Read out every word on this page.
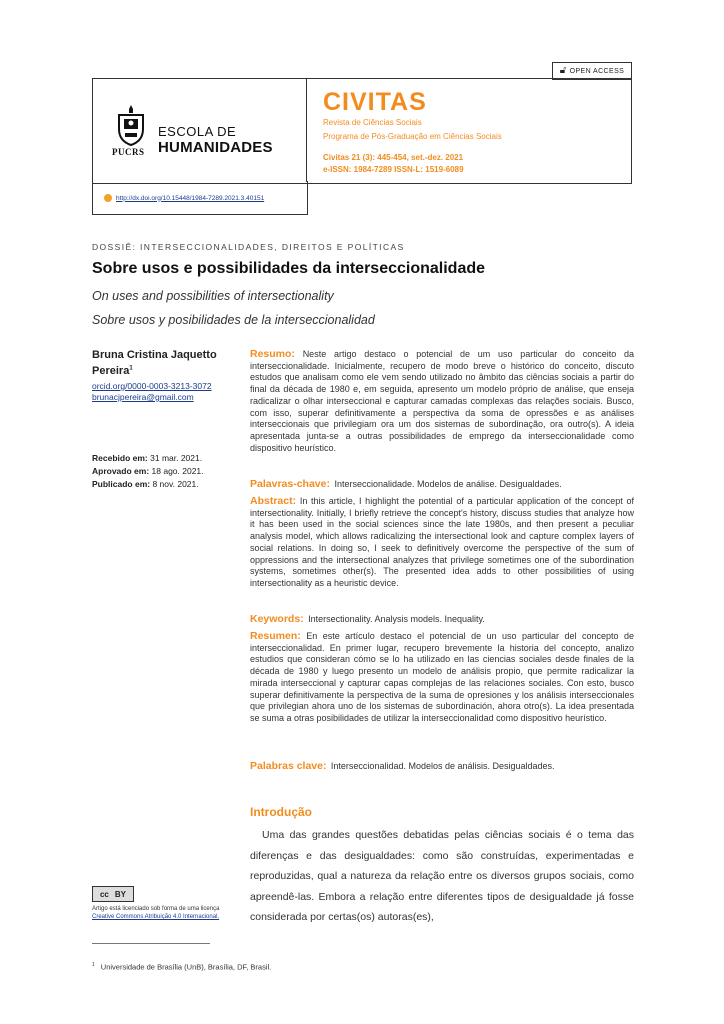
🔓︎ OPEN ACCESS
PUCRS
ESCOLA DE
HUMANIDADES
CIVITAS
Revista de Ciências Sociais
Programa de Pós-Graduação em Ciências Sociais
Civitas 21 (3): 445-454, set.-dez. 2021
e-ISSN: 1984-7289 ISSN-L: 1519-6089
http://dx.doi.org/10.15448/1984-7289.2021.3.40151
DOSSIÊ: INTERSECCIONALIDADES, DIREITOS E POLÍTICAS
Sobre usos e possibilidades da interseccionalidade
On uses and possibilities of intersectionality
Sobre usos y posibilidades de la interseccionalidad
Bruna Cristina Jaquetto
Pereira$^1$
orcid.org/0000-0003-3213-3072
brunacjpereira@gmail.com
Recebido em: 31 mar. 2021.
Aprovado em: 18 ago. 2021.
Publicado em: 8 nov. 2021.
Resumo: Neste artigo destaco o potencial de um uso particular do conceito da interseccionalidade. Inicialmente, recupero de modo breve o histórico do conceito, discuto estudos que analisam como ele vem sendo utilizado no âmbito das ciências sociais a partir do final da década de 1980 e, em seguida, apresento um modelo próprio de análise, que enseja radicalizar o olhar interseccional e capturar camadas complexas das relações sociais. Busco, com isso, superar definitivamente a perspectiva da soma de opressões e as análises interseccionais que privilegiam ora um dos sistemas de subordinação, ora outro(s). A ideia apresentada junta-se a outras possibilidades de emprego da interseccionalidade como dispositivo heurístico.
Palavras-chave: Interseccionalidade. Modelos de análise. Desigualdades.
Abstract: In this article, I highlight the potential of a particular application of the concept of intersectionality. Initially, I briefly retrieve the concept's history, discuss studies that analyze how it has been used in the social sciences since the late 1980s, and then present a peculiar analysis model, which allows radicalizing the intersectional look and capture complex layers of social relations. In doing so, I seek to definitively overcome the perspective of the sum of oppressions and the intersectional analyzes that privilege sometimes one of the subordination systems, sometimes other(s). The presented idea adds to other possibilities of using intersectionality as a heuristic device.
Keywords: Intersectionality. Analysis models. Inequality.
Resumen: En este artículo destaco el potencial de un uso particular del concepto de interseccionalidad. En primer lugar, recupero brevemente la historia del concepto, analizo estudios que consideran cómo se lo ha utilizado en las ciencias sociales desde finales de la década de 1980 y luego presento un modelo de análisis propio, que permite radicalizar la mirada interseccional y capturar capas complejas de las relaciones sociales. Con esto, busco superar definitivamente la perspectiva de la suma de opresiones y los análisis interseccionales que privilegian ahora uno de los sistemas de subordinación, ahora otro(s). La idea presentada se suma a otras posibilidades de utilizar la interseccionalidad como dispositivo heurístico.
Palabras clave: Interseccionalidad. Modelos de análisis. Desigualdades.
Introdução
Uma das grandes questões debatidas pelas ciências sociais é o tema das diferenças e das desigualdades: como são construídas, experimentadas e reproduzidas, qual a natureza da relação entre os diversos grupos sociais, como apreendê-las. Embora a relação entre diferentes tipos de desigualdade já fosse considerada por certas(os) autoras(es),
cc BY
Artigo está licenciado sob forma de uma licença
Creative Commons Atribuição 4.0 Internacional.
$^1$ Universidade de Brasília (UnB), Brasília, DF, Brasil.
